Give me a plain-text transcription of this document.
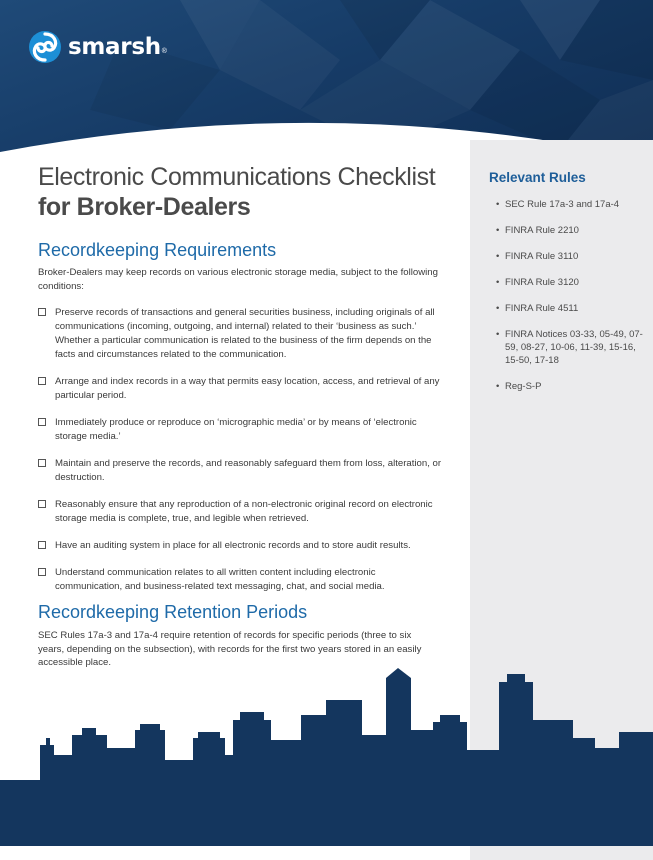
smarsh ®
Relevant Rules
• SEC Rule 17a-3 and 17a-4
• FINRA Rule 2210
• FINRA Rule 3110
• FINRA Rule 3120
• FINRA Rule 4511
• FINRA Notices 03-33, 05-49, 07-59, 08-27, 10-06, 11-39, 15-16, 15-50, 17-18
• Reg-S-P
Electronic Communications Checklist
for Broker-Dealers
Recordkeeping Requirements

Broker-Dealers may keep records on various electronic storage media, subject to the following conditions:

Preserve records of transactions and general securities business, including originals of all communications (incoming, outgoing, and internal) related to their ‘business as such.’ Whether a particular communication is related to the business of the firm depends on the facts and circumstances related to the communication.
Arrange and index records in a way that permits easy location, access, and retrieval of any particular period.
Immediately produce or reproduce on ‘micrographic media’ or by means of ‘electronic storage media.’
Maintain and preserve the records, and reasonably safeguard them from loss, alteration, or destruction.
Reasonably ensure that any reproduction of a non-electronic original record on electronic storage media is complete, true, and legible when retrieved.
Have an auditing system in place for all electronic records and to store audit results.
Understand communication relates to all written content including electronic communication, and business-related text messaging, chat, and social media.
Recordkeeping Retention Periods

SEC Rules 17a-3 and 17a-4 require retention of records for specific periods (three to six years, depending on the subsection), with records for the first two years stored in an easily accessible place.
